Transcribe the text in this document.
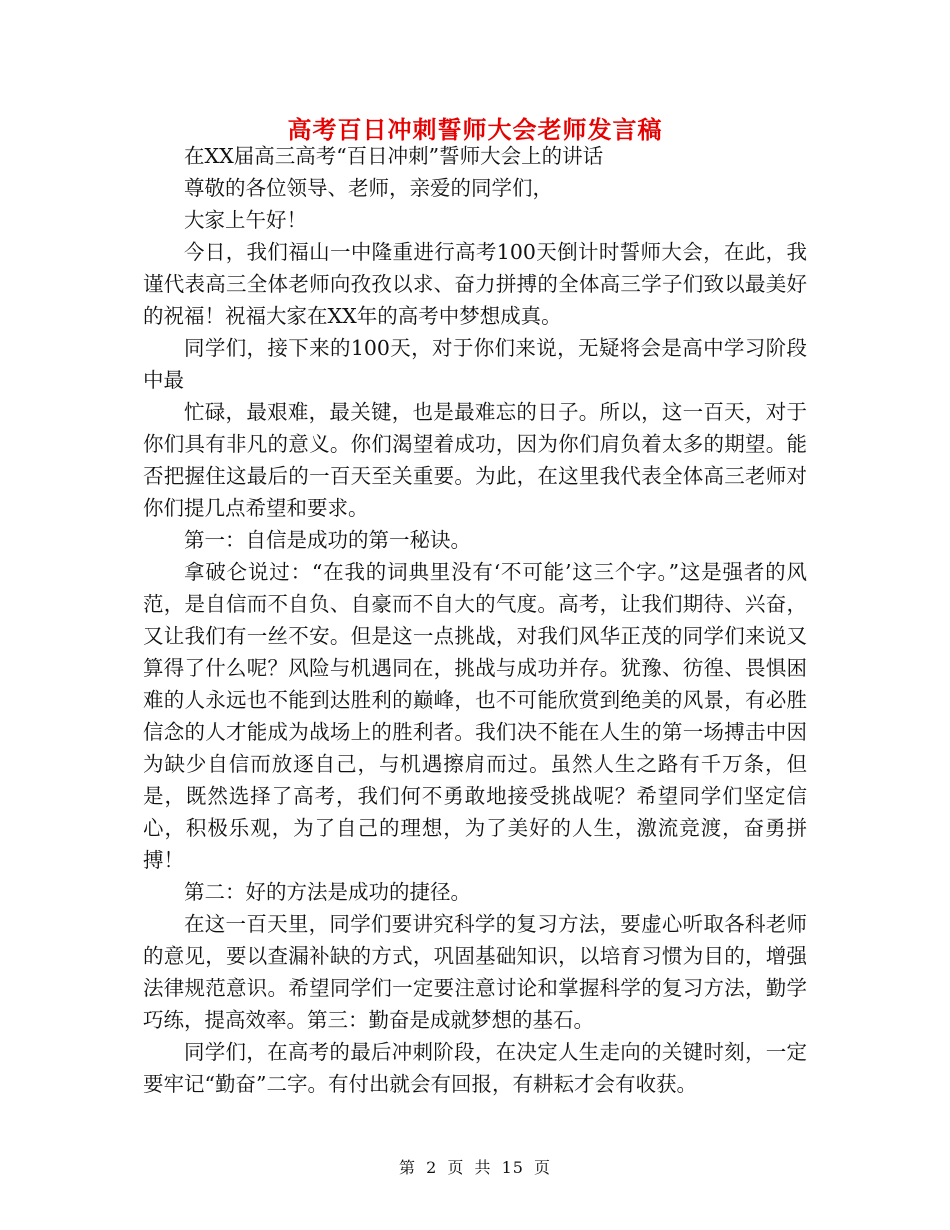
高考百日冲刺誓师大会老师发言稿

在XX届高三高考“百日冲刺”誓师大会上的讲话

尊敬的各位领导、老师，亲爱的同学们，

大家上午好！

今日，我们福山一中隆重进行高考100天倒计时誓师大会，在此，我谨代表高三全体老师向孜孜以求、奋力拼搏的全体高三学子们致以最美好的祝福！祝福大家在XX年的高考中梦想成真。

同学们，接下来的100天，对于你们来说，无疑将会是高中学习阶段中最

忙碌，最艰难，最关键，也是最难忘的日子。所以，这一百天，对于你们具有非凡的意义。你们渴望着成功，因为你们肩负着太多的期望。能否把握住这最后的一百天至关重要。为此，在这里我代表全体高三老师对你们提几点希望和要求。

第一：自信是成功的第一秘诀。

拿破仑说过：“在我的词典里没有‘不可能’这三个字。”这是强者的风范，是自信而不自负、自豪而不自大的气度。高考，让我们期待、兴奋，又让我们有一丝不安。但是这一点挑战，对我们风华正茂的同学们来说又算得了什么呢？风险与机遇同在，挑战与成功并存。犹豫、彷徨、畏惧困难的人永远也不能到达胜利的巅峰，也不可能欣赏到绝美的风景，有必胜信念的人才能成为战场上的胜利者。我们决不能在人生的第一场搏击中因为缺少自信而放逐自己，与机遇擦肩而过。虽然人生之路有千万条，但是，既然选择了高考，我们何不勇敢地接受挑战呢？希望同学们坚定信心，积极乐观，为了自己的理想，为了美好的人生，激流竞渡，奋勇拼搏！

第二：好的方法是成功的捷径。

在这一百天里，同学们要讲究科学的复习方法，要虚心听取各科老师的意见，要以查漏补缺的方式，巩固基础知识，以培育习惯为目的，增强法律规范意识。希望同学们一定要注意讨论和掌握科学的复习方法，勤学巧练，提高效率。第三：勤奋是成就梦想的基石。

同学们，在高考的最后冲刺阶段，在决定人生走向的关键时刻，一定要牢记“勤奋”二字。有付出就会有回报，有耕耘才会有收获。

第 2 页 共 15 页
